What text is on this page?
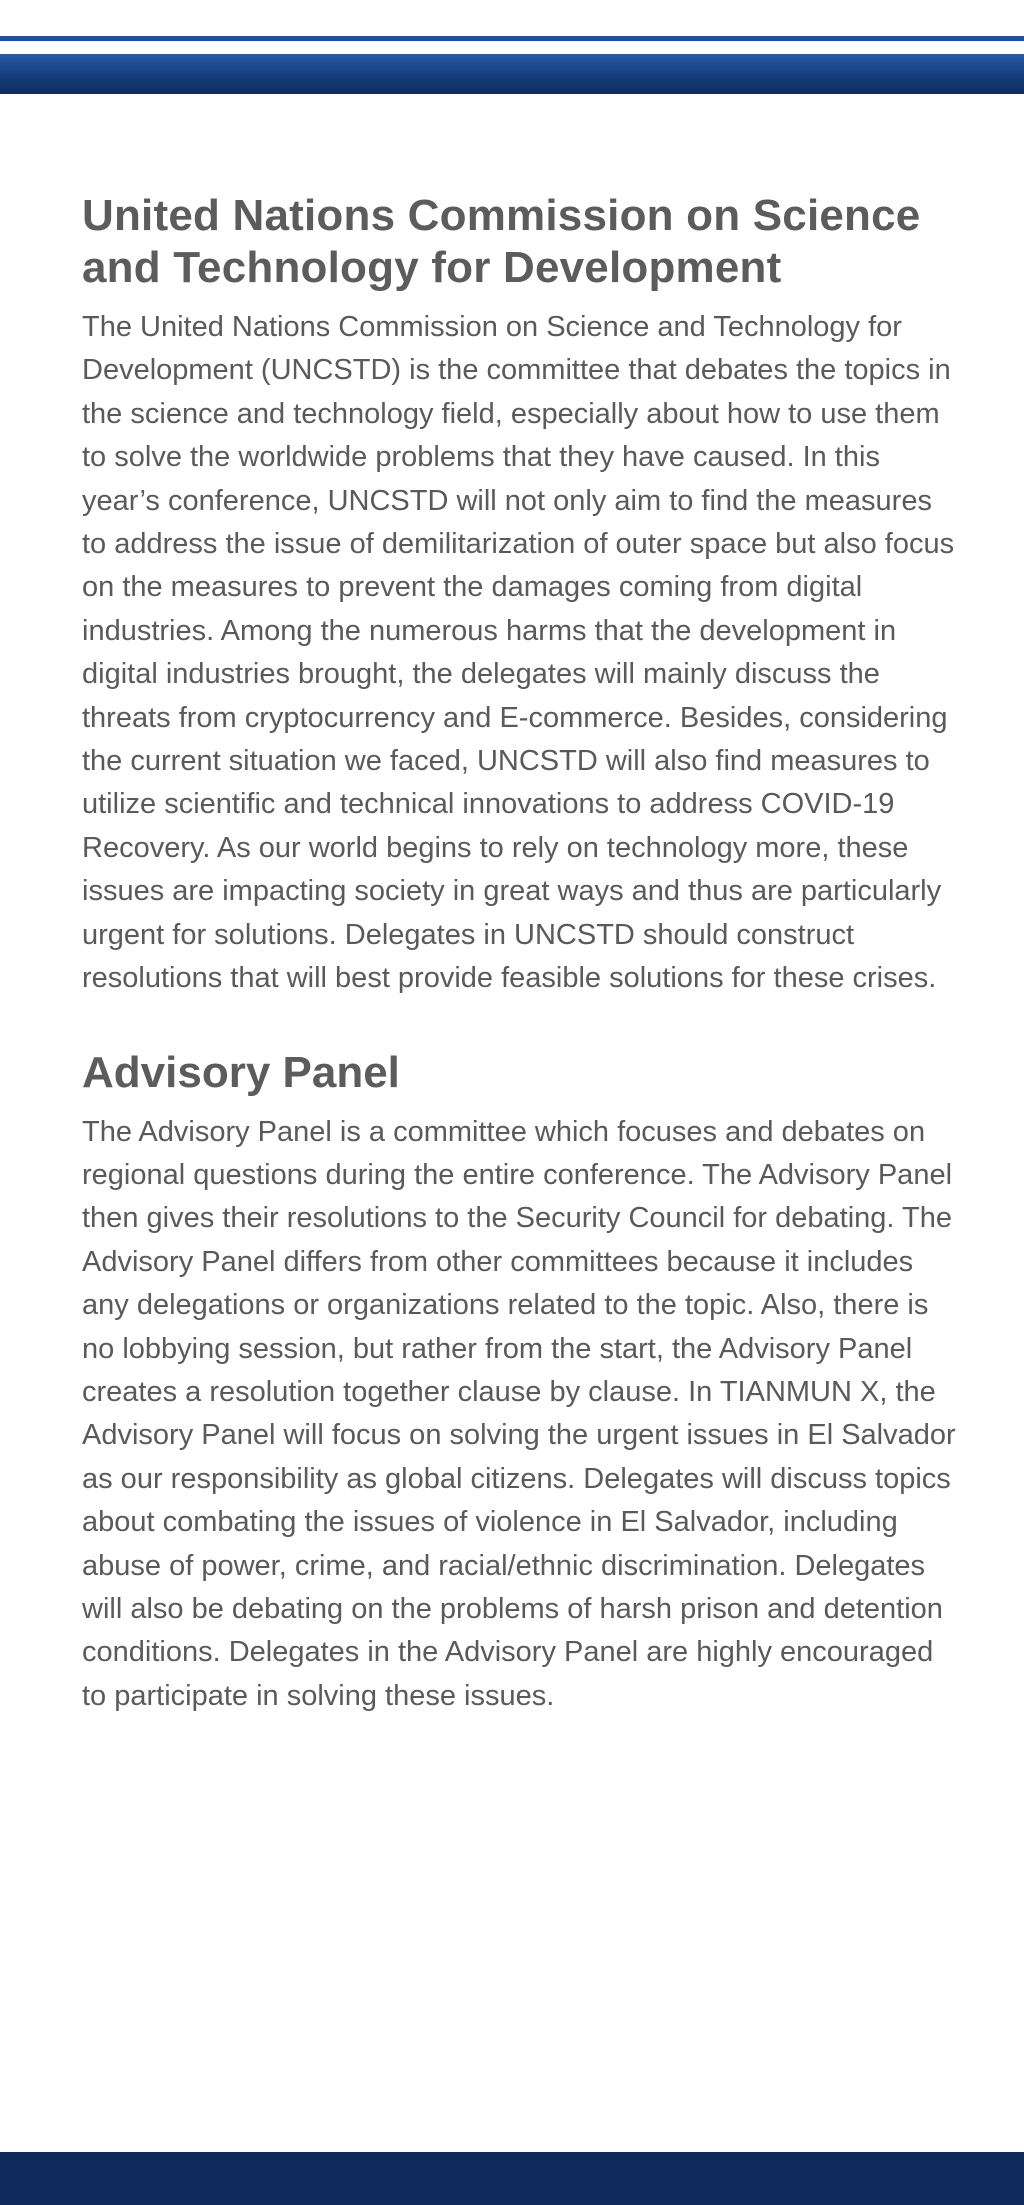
United Nations Commission on Science and Technology for Development

The United Nations Commission on Science and Technology for Development (UNCSTD) is the committee that debates the topics in the science and technology field, especially about how to use them to solve the worldwide problems that they have caused. In this year’s conference, UNCSTD will not only aim to find the measures to address the issue of demilitarization of outer space but also focus on the measures to prevent the damages coming from digital industries. Among the numerous harms that the development in digital industries brought, the delegates will mainly discuss the threats from cryptocurrency and E-commerce. Besides, considering the current situation we faced, UNCSTD will also find measures to utilize scientific and technical innovations to address COVID-19 Recovery. As our world begins to rely on technology more, these issues are impacting society in great ways and thus are particularly urgent for solutions. Delegates in UNCSTD should construct resolutions that will best provide feasible solutions for these crises.

Advisory Panel

The Advisory Panel is a committee which focuses and debates on regional questions during the entire conference. The Advisory Panel then gives their resolutions to the Security Council for debating. The Advisory Panel differs from other committees because it includes any delegations or organizations related to the topic. Also, there is no lobbying session, but rather from the start, the Advisory Panel creates a resolution together clause by clause. In TIANMUN X, the Advisory Panel will focus on solving the urgent issues in El Salvador as our responsibility as global citizens. Delegates will discuss topics about combating the issues of violence in El Salvador, including abuse of power, crime, and racial/ethnic discrimination. Delegates will also be debating on the problems of harsh prison and detention conditions. Delegates in the Advisory Panel are highly encouraged to participate in solving these issues.
